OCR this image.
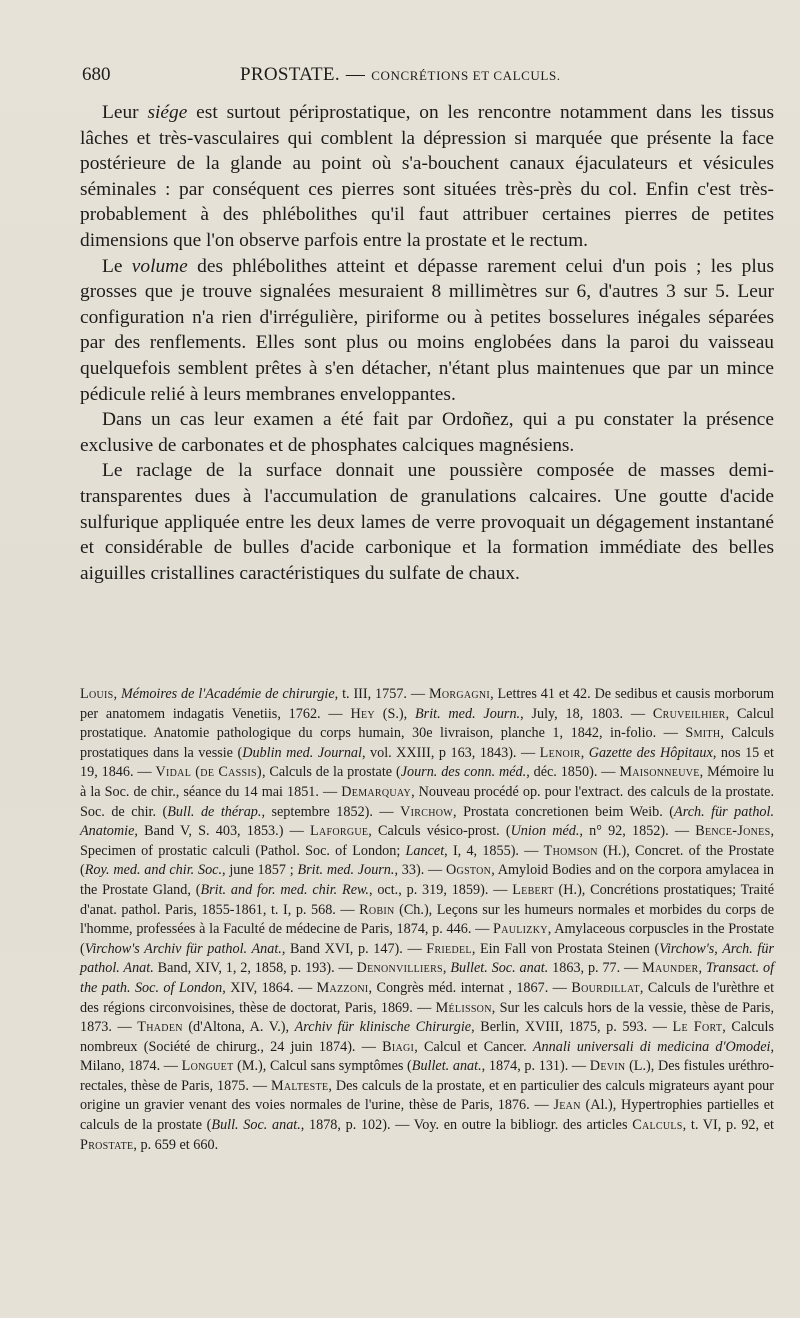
680	PROSTATE. — CONCRÉTIONS ET CALCULS.

Leur siége est surtout périprostatique, on les rencontre notamment dans les tissus lâches et très-vasculaires qui comblent la dépression si marquée que présente la face postérieure de la glande au point où s'a-bouchent canaux éjaculateurs et vésicules séminales : par conséquent ces pierres sont situées très-près du col. Enfin c'est très-probablement à des phlébolithes qu'il faut attribuer certaines pierres de petites dimensions que l'on observe parfois entre la prostate et le rectum.

Le volume des phlébolithes atteint et dépasse rarement celui d'un pois ; les plus grosses que je trouve signalées mesuraient 8 millimètres sur 6, d'autres 3 sur 5. Leur configuration n'a rien d'irrégulière, piriforme ou à petites bosselures inégales séparées par des renflements. Elles sont plus ou moins englobées dans la paroi du vaisseau quelquefois semblent prêtes à s'en détacher, n'étant plus maintenues que par un mince pédicule relié à leurs membranes enveloppantes.

Dans un cas leur examen a été fait par Ordoñez, qui a pu constater la présence exclusive de carbonates et de phosphates calciques magnésiens.

Le raclage de la surface donnait une poussière composée de masses demi-transparentes dues à l'accumulation de granulations calcaires. Une goutte d'acide sulfurique appliquée entre les deux lames de verre provoquait un dégagement instantané et considérable de bulles d'acide carbonique et la formation immédiate des belles aiguilles cristallines caractéristiques du sulfate de chaux.

Louis, Mémoires de l'Académie de chirurgie, t. III, 1757. — Morgagni, Lettres 41 et 42. De sedibus et causis morborum per anatomem indagatis Venetiis, 1762. — Hey (S.), Brit. med. Journ., July, 18, 1803. — Cruveilhier, Calcul prostatique. Anatomie pathologique du corps humain, 30e livraison, planche 1, 1842, in-folio. — Smith, Calculs prostatiques dans la vessie (Dublin med. Journal, vol. XXIII, p 163, 1843). — Lenoir, Gazette des Hôpitaux, nos 15 et 19, 1846. — Vidal (de Cassis), Calculs de la prostate (Journ. des conn. méd., déc. 1850). — Maisonneuve, Mémoire lu à la Soc. de chir., séance du 14 mai 1851. — Demarquay, Nouveau procédé op. pour l'extract. des calculs de la prostate. Soc. de chir. (Bull. de thérap., septembre 1852). — Virchow, Prostata concretionen beim Weib. (Arch. für pathol. Anatomie, Band V, S. 403, 1853.) — Laforgue, Calculs vésico-prost. (Union méd., n° 92, 1852). — Bence-Jones, Specimen of prostatic calculi (Pathol. Soc. of London; Lancet, I, 4, 1855). — Thomson (H.), Concret. of the Prostate (Roy. med. and chir. Soc., june 1857 ; Brit. med. Journ., 33). — Ogston, Amyloid Bodies and on the corpora amylacea in the Prostate Gland, (Brit. and for. med. chir. Rew., oct., p. 319, 1859). — Lebert (H.), Concrétions prostatiques; Traité d'anat. pathol. Paris, 1855-1861, t. I, p. 568. — Robin (Ch.), Leçons sur les humeurs normales et morbides du corps de l'homme, professées à la Faculté de médecine de Paris, 1874, p. 446. — Paulizky, Amylaceous corpuscles in the Prostate (Virchow's Archiv für pathol. Anat., Band XVI, p. 147). — Friedel, Ein Fall von Prostata Steinen (Virchow's, Arch. für pathol. Anat. Band, XIV, 1, 2, 1858, p. 193). — Denonvilliers, Bullet. Soc. anat. 1863, p. 77. — Maunder, Transact. of the path. Soc. of London, XIV, 1864. — Mazzoni, Congrès méd. internat , 1867. — Bourdillat, Calculs de l'urèthre et des régions circonvoisines, thèse de doctorat, Paris, 1869. — Mélisson, Sur les calculs hors de la vessie, thèse de Paris, 1873. — Thaden (d'Altona, A. V.), Archiv für klinische Chirurgie, Berlin, XVIII, 1875, p. 593. — Le Fort, Calculs nombreux (Société de chirurg., 24 juin 1874). — Biagi, Calcul et Cancer. Annali universali di medicina d'Omodei, Milano, 1874. — Longuet (M.), Calcul sans symptômes (Bullet. anat., 1874, p. 131). — Devin (L.), Des fistules uréthro-rectales, thèse de Paris, 1875. — Malteste, Des calculs de la prostate, et en particulier des calculs migrateurs ayant pour origine un gravier venant des voies normales de l'urine, thèse de Paris, 1876. — Jean (Al.), Hypertrophies partielles et calculs de la prostate (Bull. Soc. anat., 1878, p. 102). — Voy. en outre la bibliogr. des articles Calculs, t. VI, p. 92, et Prostate, p. 659 et 660.
